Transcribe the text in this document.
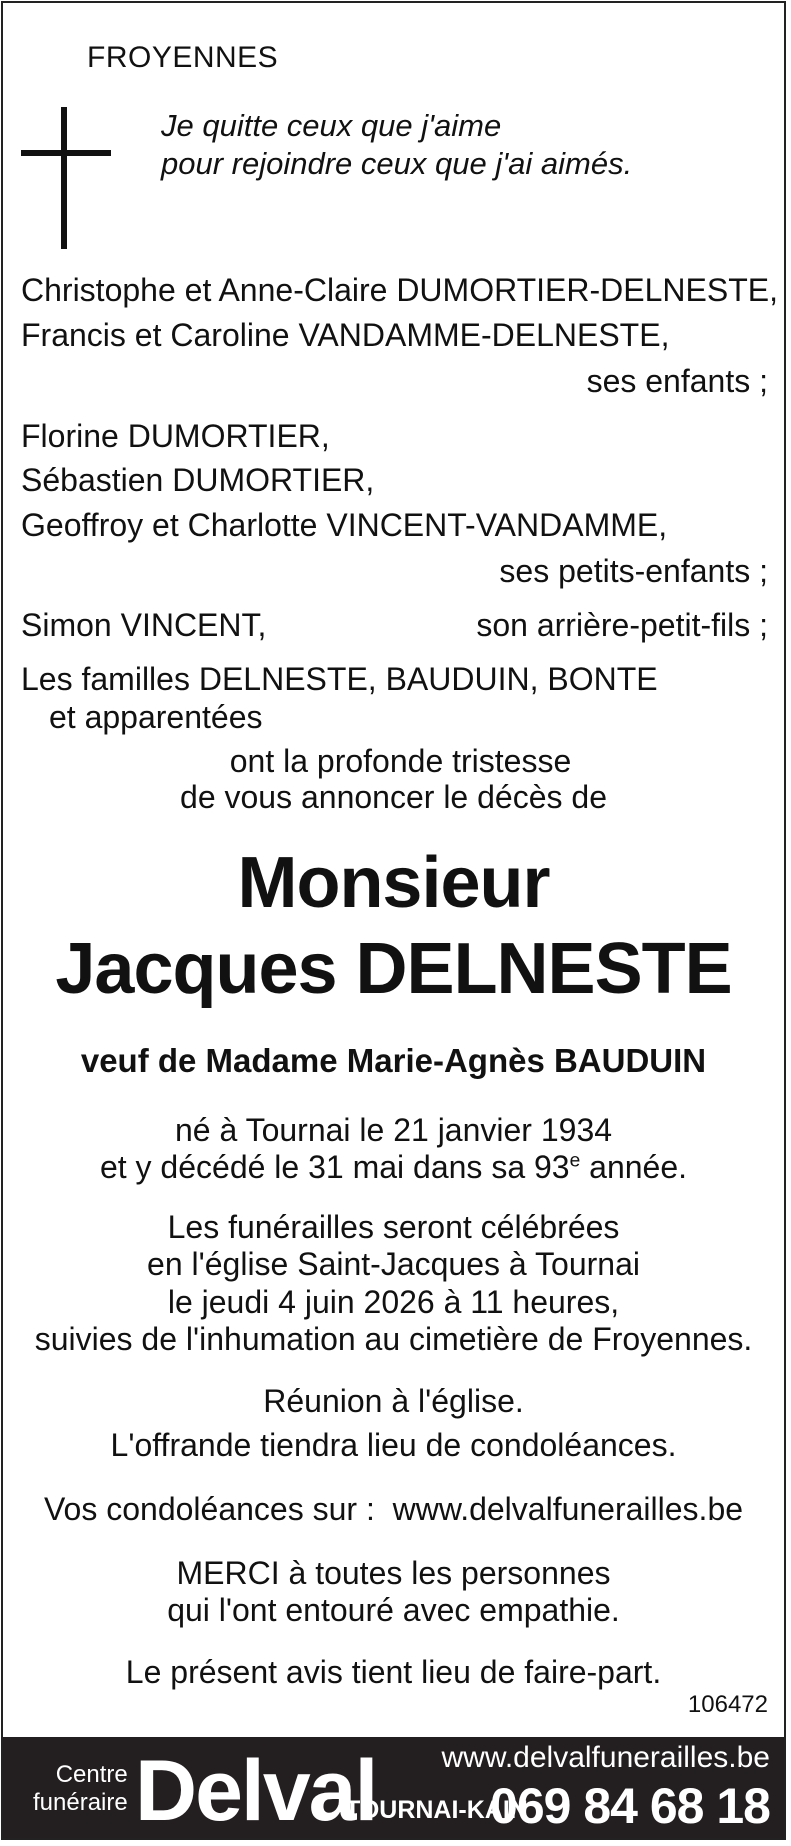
FROYENNES
Je quitte ceux que j'aime
pour rejoindre ceux que j'ai aimés.
Christophe et Anne-Claire DUMORTIER-DELNESTE,
Francis et Caroline VANDAMME-DELNESTE,
ses enfants ;
Florine DUMORTIER,
Sébastien DUMORTIER,
Geoffroy et Charlotte VINCENT-VANDAMME,
ses petits-enfants ;
Simon VINCENT,	son arrière-petit-fils ;
Les familles DELNESTE, BAUDUIN, BONTE
et apparentées
ont la profonde tristesse
de vous annoncer le décès de
Monsieur
Jacques DELNESTE
veuf de Madame Marie-Agnès BAUDUIN
né à Tournai le 21 janvier 1934
et y décédé le 31 mai dans sa 93e année.
Les funérailles seront célébrées
en l'église Saint-Jacques à Tournai
le jeudi 4 juin 2026 à 11 heures,
suivies de l'inhumation au cimetière de Froyennes.
Réunion à l'église.
L'offrande tiendra lieu de condoléances.
Vos condoléances sur : www.delvalfunerailles.be
MERCI à toutes les personnes
qui l'ont entouré avec empathie.
Le présent avis tient lieu de faire-part.
106472
Centre
funéraire Delval www.delvalfunerailles.be
TOURNAI-KAIN
069 84 68 18
